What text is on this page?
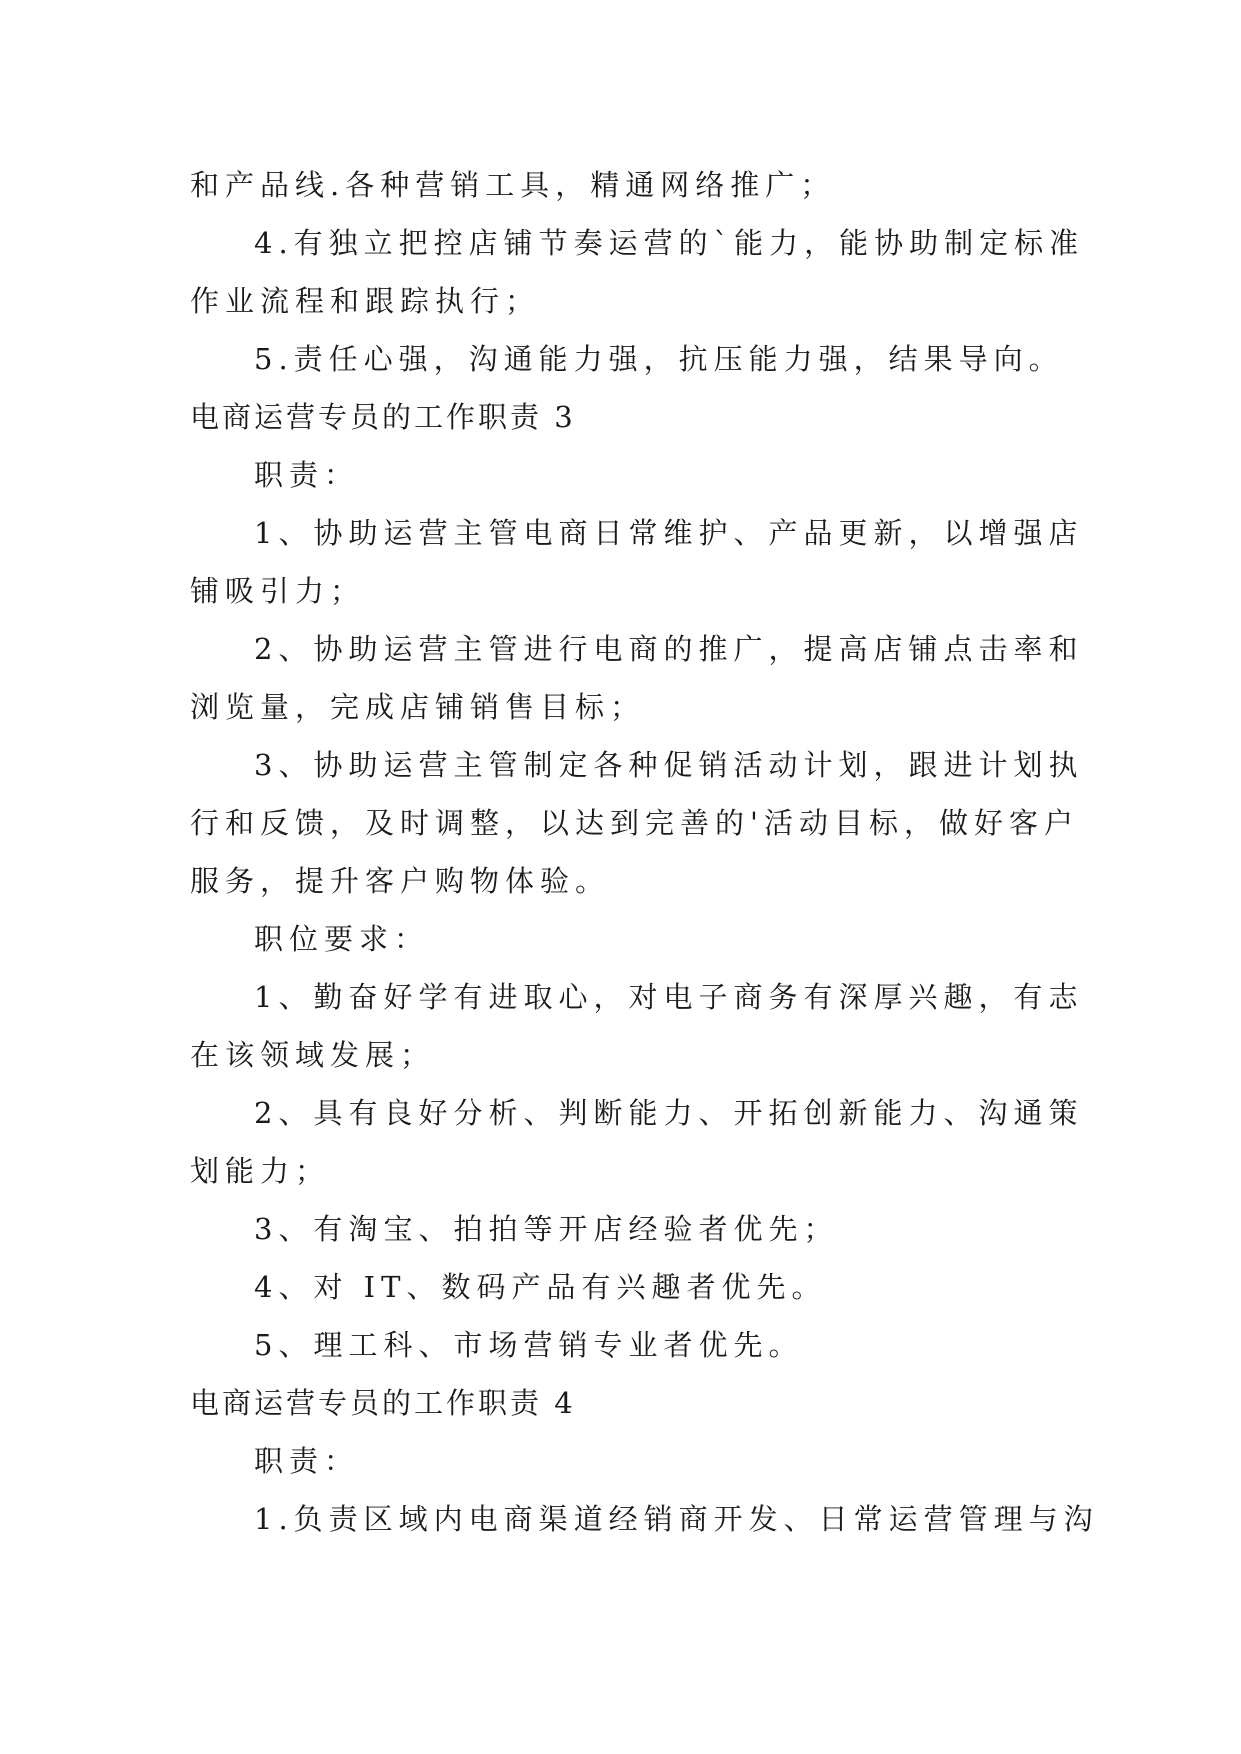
和产品线.各种营销工具，精通网络推广；
4.有独立把控店铺节奏运营的`能力，能协助制定标准
作业流程和跟踪执行；
5.责任心强，沟通能力强，抗压能力强，结果导向。
电商运营专员的工作职责 3
职责：
1、协助运营主管电商日常维护、产品更新，以增强店
铺吸引力；
2、协助运营主管进行电商的推广，提高店铺点击率和
浏览量，完成店铺销售目标；
3、协助运营主管制定各种促销活动计划，跟进计划执
行和反馈，及时调整，以达到完善的'活动目标，做好客户
服务，提升客户购物体验。
职位要求：
1、勤奋好学有进取心，对电子商务有深厚兴趣，有志
在该领域发展；
2、具有良好分析、判断能力、开拓创新能力、沟通策
划能力；
3、有淘宝、拍拍等开店经验者优先；
4、对 IT、数码产品有兴趣者优先。
5、理工科、市场营销专业者优先。
电商运营专员的工作职责 4
职责：
1.负责区域内电商渠道经销商开发、日常运营管理与沟
